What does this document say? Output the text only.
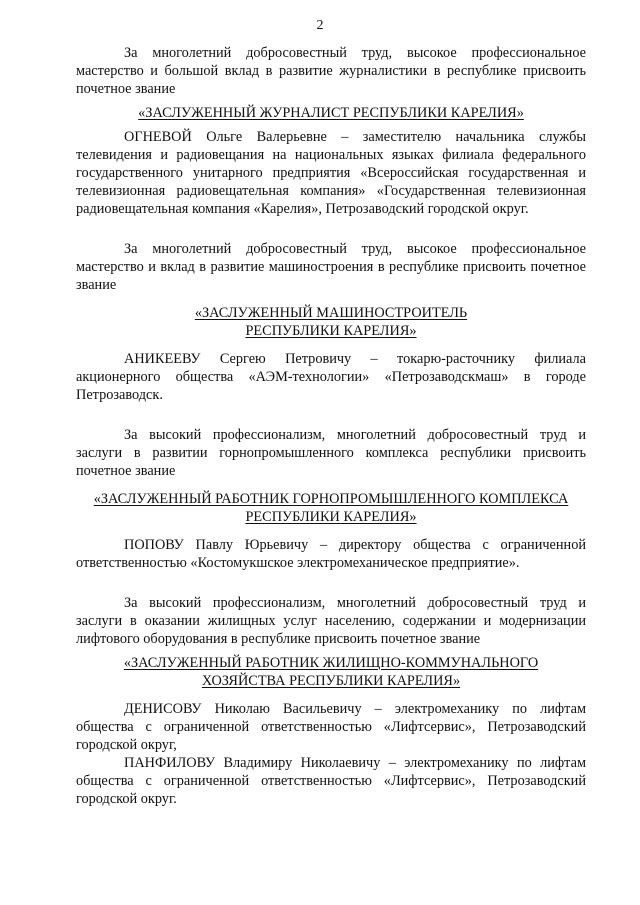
2

За многолетний добросовестный труд, высокое профессиональное мастерство и большой вклад в развитие журналистики в республике присвоить почетное звание

«ЗАСЛУЖЕННЫЙ ЖУРНАЛИСТ РЕСПУБЛИКИ КАРЕЛИЯ»

ОГНЕВОЙ Ольге Валерьевне – заместителю начальника службы телевидения и радиовещания на национальных языках филиала федерального государственного унитарного предприятия «Всероссийская государственная и телевизионная радиовещательная компания» «Государственная телевизионная радиовещательная компания «Карелия», Петрозаводский городской округ.

За многолетний добросовестный труд, высокое профессиональное мастерство и вклад в развитие машиностроения в республике присвоить почетное звание

«ЗАСЛУЖЕННЫЙ МАШИНОСТРОИТЕЛЬ
РЕСПУБЛИКИ КАРЕЛИЯ»

АНИКЕЕВУ Сергею Петровичу – токарю-расточнику филиала акционерного общества «АЭМ-технологии» «Петрозаводскмаш» в городе Петрозаводск.

За высокий профессионализм, многолетний добросовестный труд и заслуги в развитии горнопромышленного комплекса республики присвоить почетное звание

«ЗАСЛУЖЕННЫЙ РАБОТНИК ГОРНОПРОМЫШЛЕННОГО КОМПЛЕКСА
РЕСПУБЛИКИ КАРЕЛИЯ»

ПОПОВУ Павлу Юрьевичу – директору общества с ограниченной ответственностью «Костомукшское электромеханическое предприятие».

За высокий профессионализм, многолетний добросовестный труд и заслуги в оказании жилищных услуг населению, содержании и модернизации лифтового оборудования в республике присвоить почетное звание

«ЗАСЛУЖЕННЫЙ РАБОТНИК ЖИЛИЩНО-КОММУНАЛЬНОГО
ХОЗЯЙСТВА РЕСПУБЛИКИ КАРЕЛИЯ»

ДЕНИСОВУ Николаю Васильевичу – электромеханику по лифтам общества с ограниченной ответственностью «Лифтсервис», Петрозаводский городской округ,

ПАНФИЛОВУ Владимиру Николаевичу – электромеханику по лифтам общества с ограниченной ответственностью «Лифтсервис», Петрозаводский городской округ.
